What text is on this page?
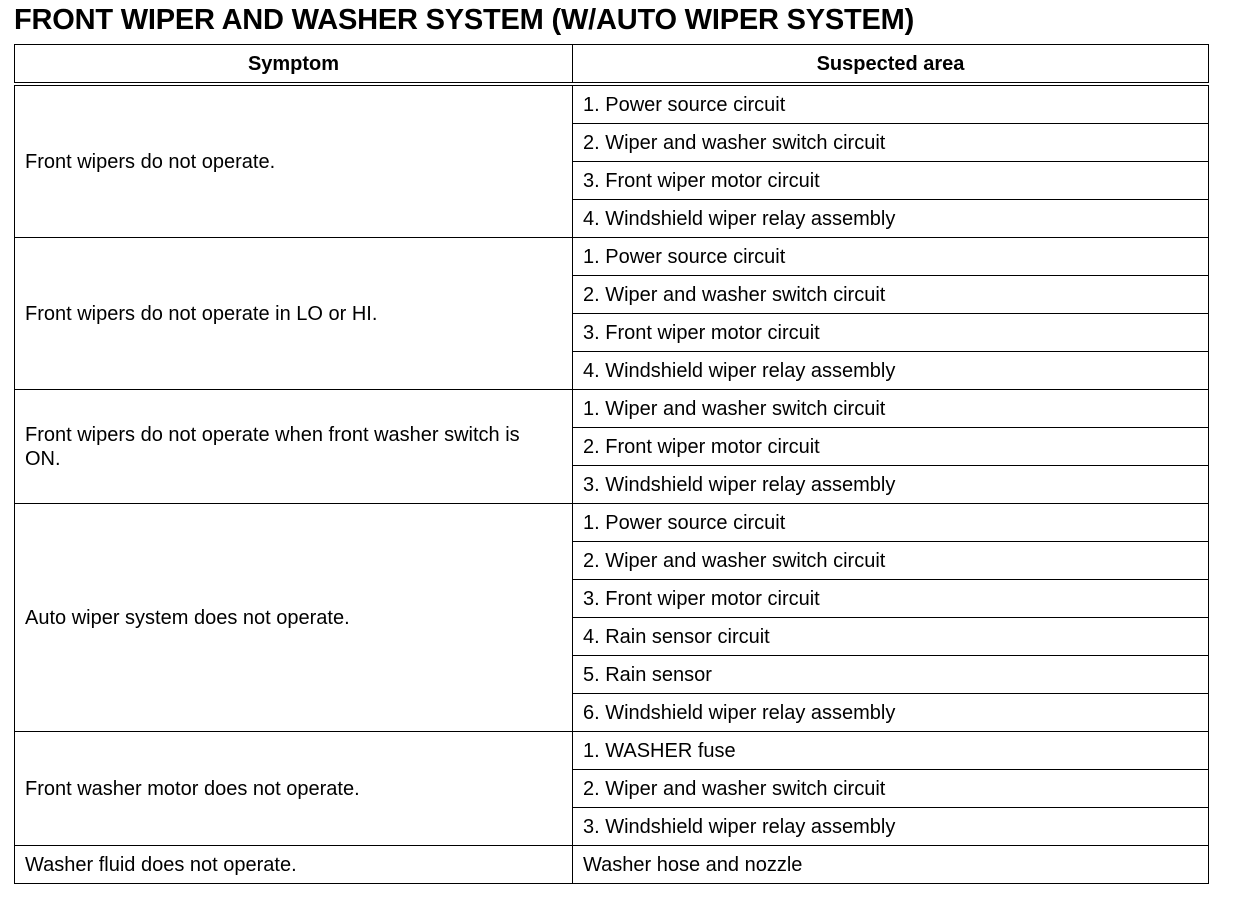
FRONT WIPER AND WASHER SYSTEM (W/AUTO WIPER SYSTEM)
Symptom	Suspected area
Front wipers do not operate.	1. Power source circuit
	2. Wiper and washer switch circuit
	3. Front wiper motor circuit
	4. Windshield wiper relay assembly
Front wipers do not operate in LO or HI.	1. Power source circuit
	2. Wiper and washer switch circuit
	3. Front wiper motor circuit
	4. Windshield wiper relay assembly
Front wipers do not operate when front washer switch is ON.	1. Wiper and washer switch circuit
	2. Front wiper motor circuit
	3. Windshield wiper relay assembly
Auto wiper system does not operate.	1. Power source circuit
	2. Wiper and washer switch circuit
	3. Front wiper motor circuit
	4. Rain sensor circuit
	5. Rain sensor
	6. Windshield wiper relay assembly
Front washer motor does not operate.	1. WASHER fuse
	2. Wiper and washer switch circuit
	3. Windshield wiper relay assembly
Washer fluid does not operate.	Washer hose and nozzle
